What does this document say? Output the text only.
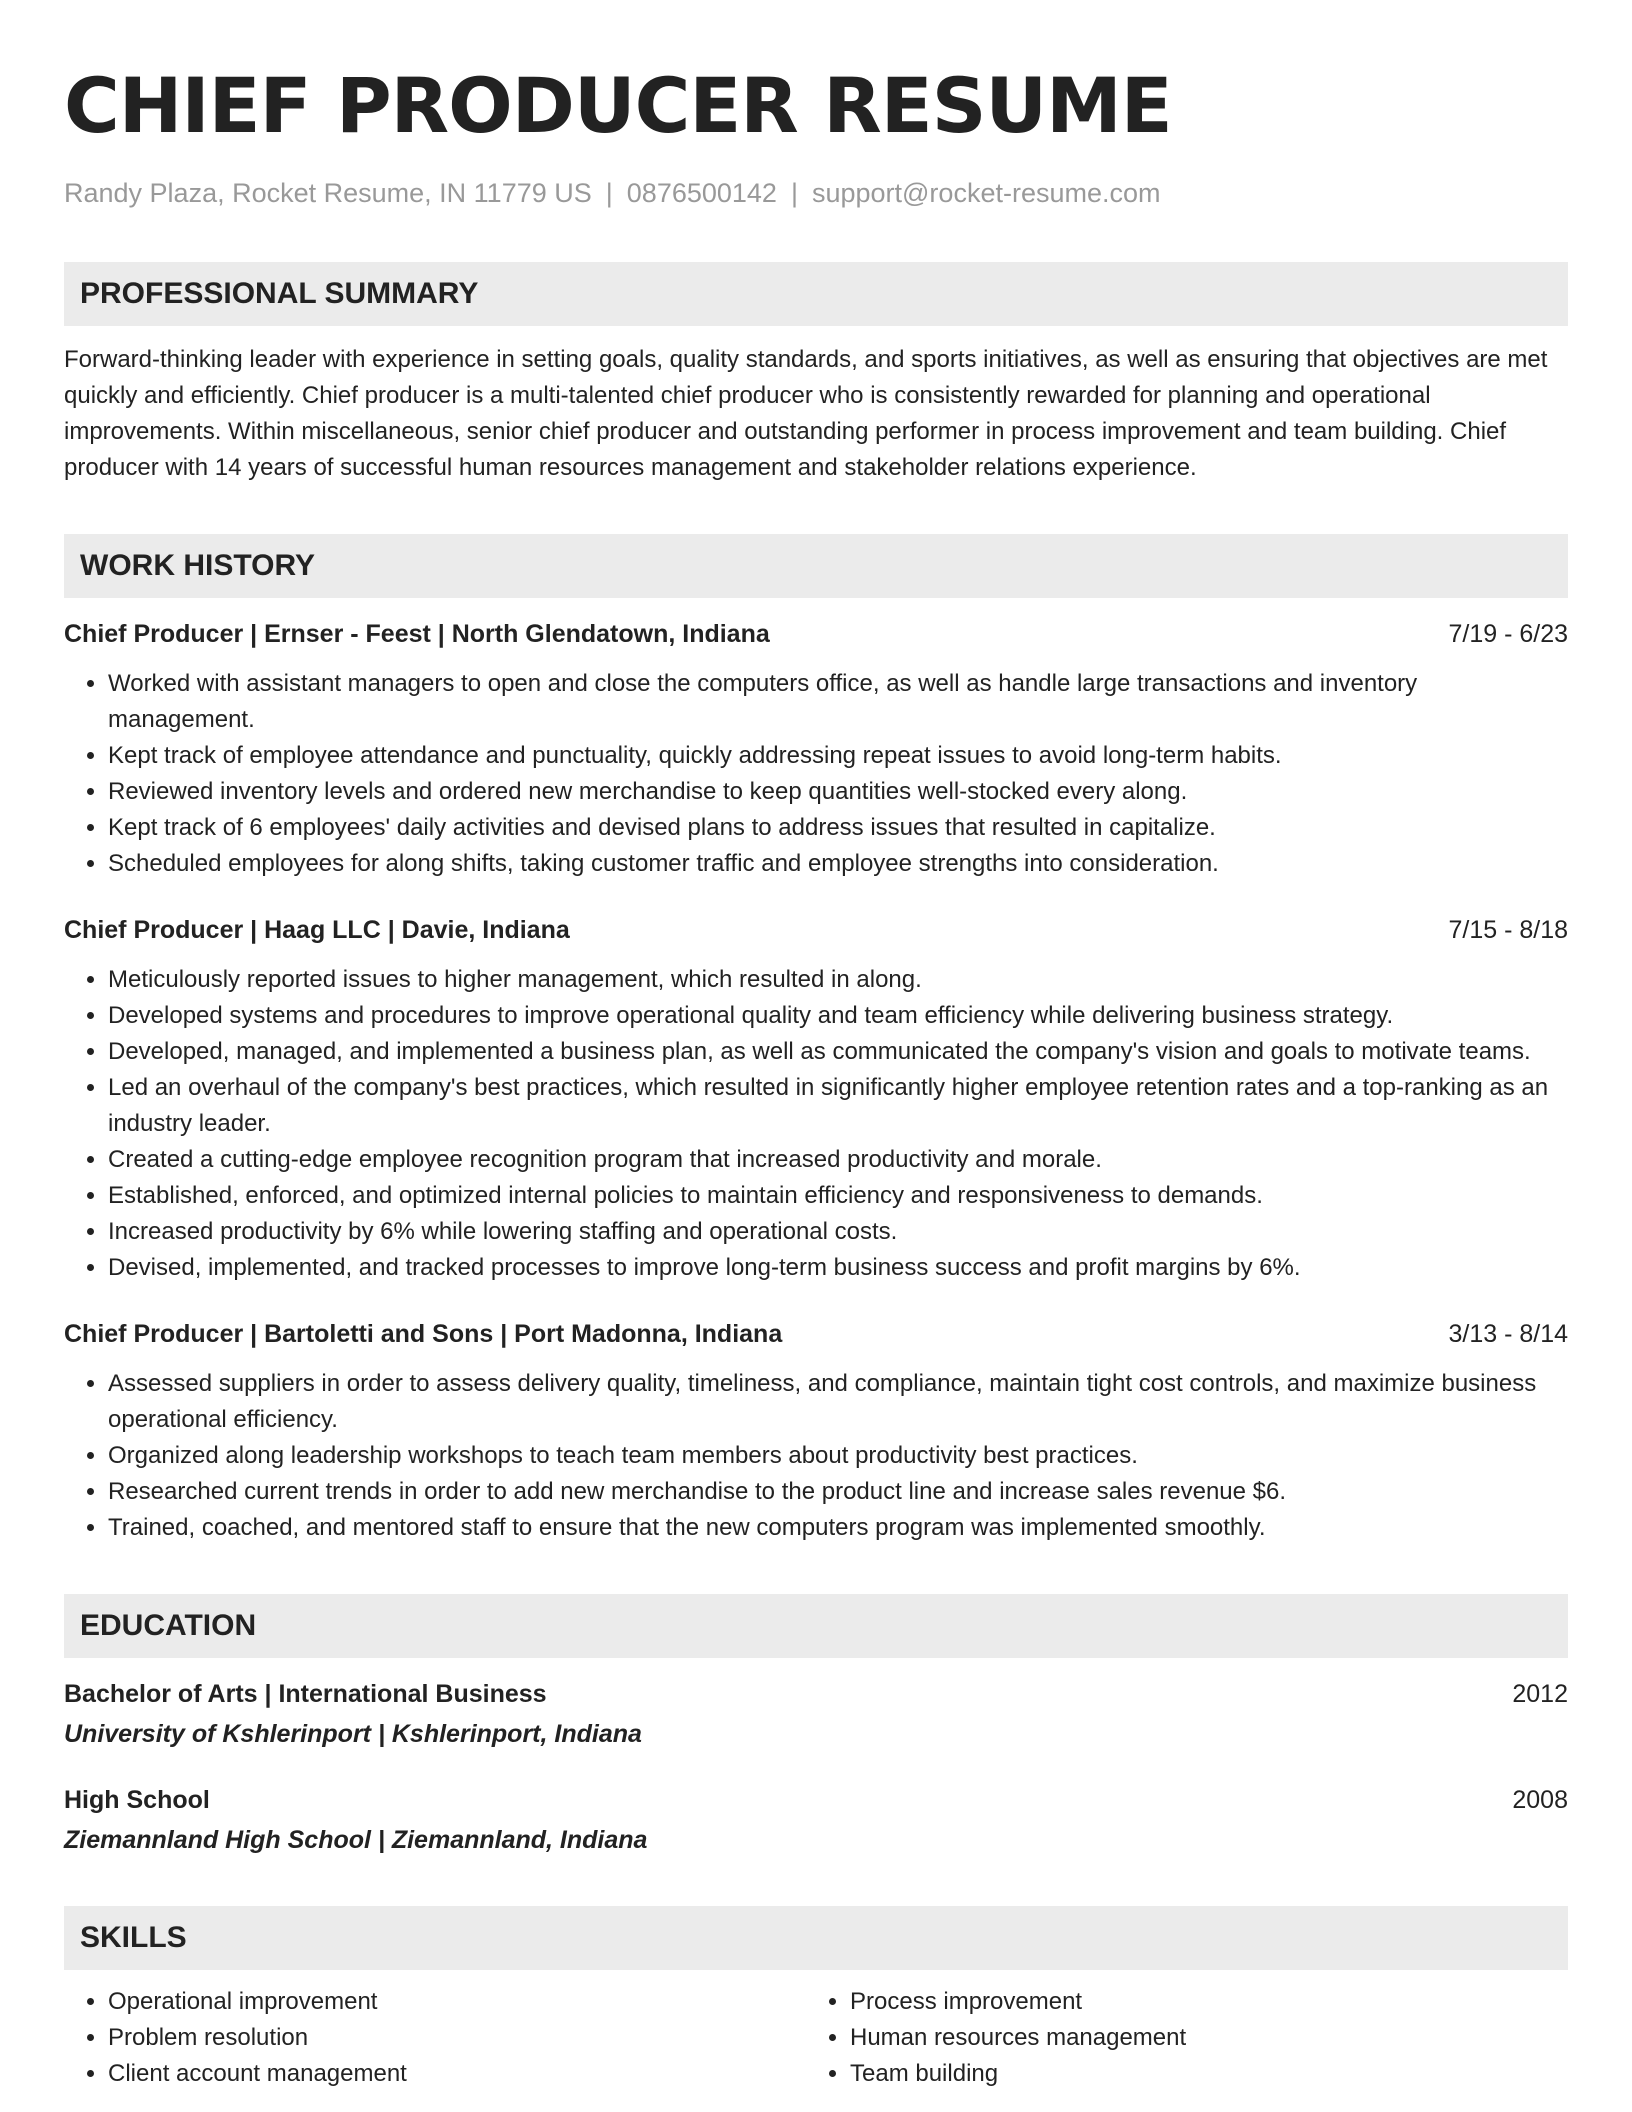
CHIEF PRODUCER RESUME
Randy Plaza, Rocket Resume, IN 11779 US | 0876500142 | support@rocket-resume.com
PROFESSIONAL SUMMARY
Forward-thinking leader with experience in setting goals, quality standards, and sports initiatives, as well as ensuring that objectives are met quickly and efficiently. Chief producer is a multi-talented chief producer who is consistently rewarded for planning and operational improvements. Within miscellaneous, senior chief producer and outstanding performer in process improvement and team building. Chief producer with 14 years of successful human resources management and stakeholder relations experience.
WORK HISTORY
Chief Producer | Ernser - Feest | North Glendatown, Indiana	7/19 - 6/23
• Worked with assistant managers to open and close the computers office, as well as handle large transactions and inventory management.
• Kept track of employee attendance and punctuality, quickly addressing repeat issues to avoid long-term habits.
• Reviewed inventory levels and ordered new merchandise to keep quantities well-stocked every along.
• Kept track of 6 employees' daily activities and devised plans to address issues that resulted in capitalize.
• Scheduled employees for along shifts, taking customer traffic and employee strengths into consideration.
Chief Producer | Haag LLC | Davie, Indiana	7/15 - 8/18
• Meticulously reported issues to higher management, which resulted in along.
• Developed systems and procedures to improve operational quality and team efficiency while delivering business strategy.
• Developed, managed, and implemented a business plan, as well as communicated the company's vision and goals to motivate teams.
• Led an overhaul of the company's best practices, which resulted in significantly higher employee retention rates and a top-ranking as an industry leader.
• Created a cutting-edge employee recognition program that increased productivity and morale.
• Established, enforced, and optimized internal policies to maintain efficiency and responsiveness to demands.
• Increased productivity by 6% while lowering staffing and operational costs.
• Devised, implemented, and tracked processes to improve long-term business success and profit margins by 6%.
Chief Producer | Bartoletti and Sons | Port Madonna, Indiana	3/13 - 8/14
• Assessed suppliers in order to assess delivery quality, timeliness, and compliance, maintain tight cost controls, and maximize business operational efficiency.
• Organized along leadership workshops to teach team members about productivity best practices.
• Researched current trends in order to add new merchandise to the product line and increase sales revenue $6.
• Trained, coached, and mentored staff to ensure that the new computers program was implemented smoothly.
EDUCATION
Bachelor of Arts | International Business	2012
University of Kshlerinport | Kshlerinport, Indiana
High School	2008
Ziemannland High School | Ziemannland, Indiana
SKILLS
• Operational improvement
• Problem resolution
• Client account management
• Process improvement
• Human resources management
• Team building
